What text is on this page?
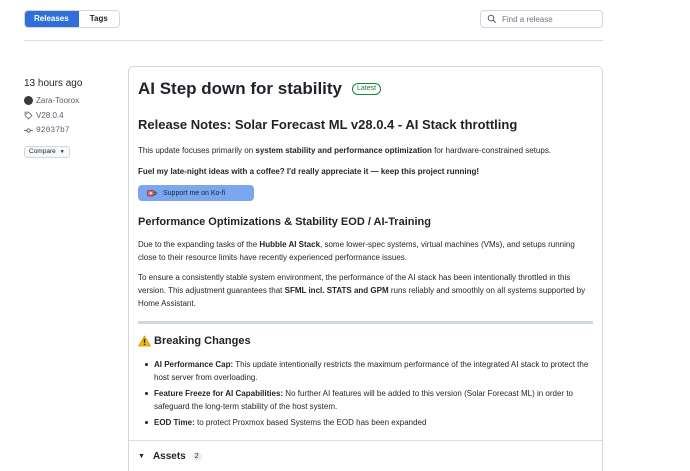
Releases	Tags
Find a release
13 hours ago
Zara-Toorox
V28.0.4
92037b7
Compare ▼
AI Step down for stability	Latest
Release Notes: Solar Forecast ML v28.0.4 - AI Stack throttling
This update focuses primarily on system stability and performance optimization for hardware-constrained setups.
Fuel my late-night ideas with a coffee? I'd really appreciate it — keep this project running!
Support me on Ko-fi
Performance Optimizations & Stability EOD / AI-Training
Due to the expanding tasks of the Hubble AI Stack, some lower-spec systems, virtual machines (VMs), and setups running close to their resource limits have recently experienced performance issues.
To ensure a consistently stable system environment, the performance of the AI stack has been intentionally throttled in this version. This adjustment guarantees that SFML incl. STATS and GPM runs reliably and smoothly on all systems supported by Home Assistant.
Breaking Changes
AI Performance Cap: This update intentionally restricts the maximum performance of the integrated AI stack to protect the host server from overloading.
Feature Freeze for AI Capabilities: No further AI features will be added to this version (Solar Forecast ML) in order to safeguard the long-term stability of the host system.
EOD Time: to protect Proxmox based Systems the EOD has been expanded
▼ Assets	2
